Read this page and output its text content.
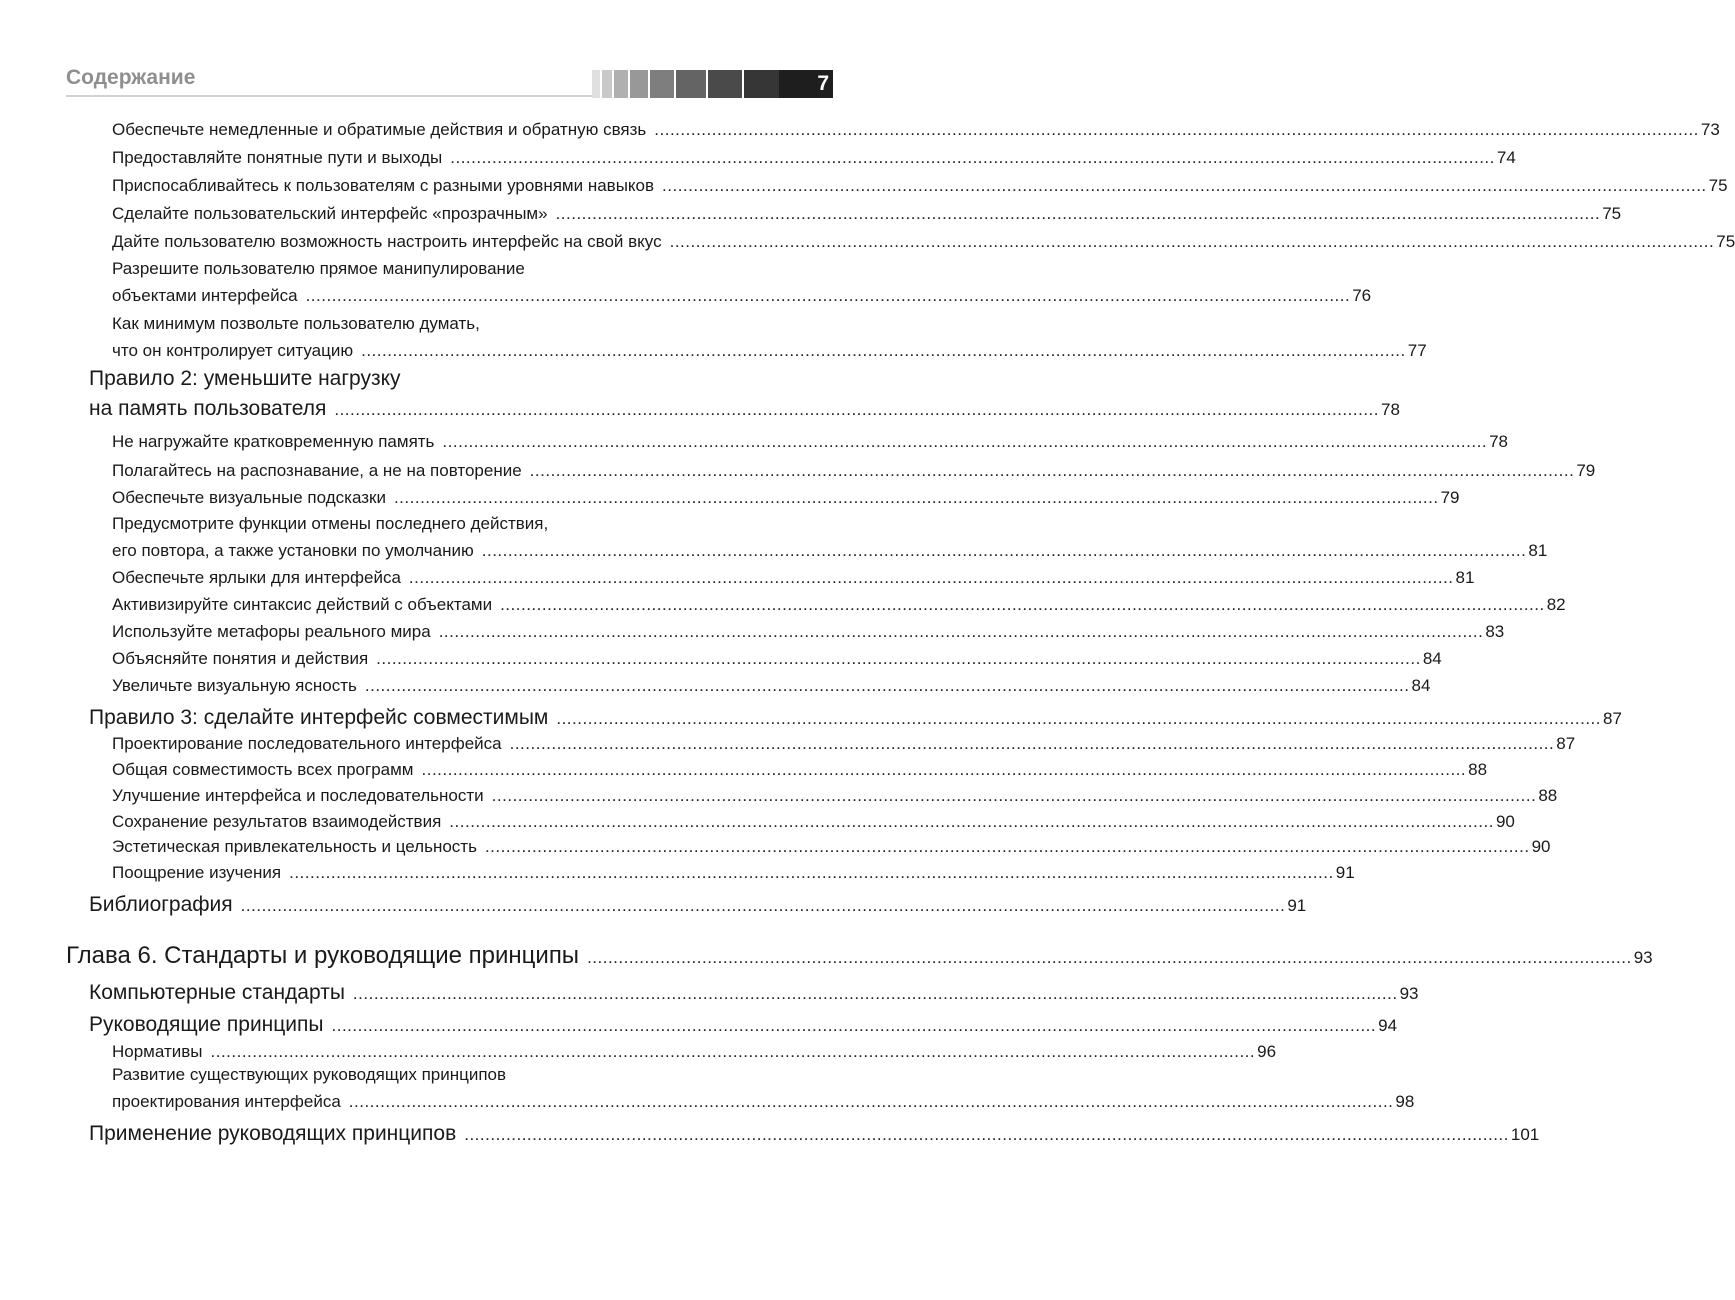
Содержание	7
Обеспечьте немедленные и обратимые действия и обратную связь ........................................................................................................................................................................................................ 73
Предоставляйте понятные пути и выходы ........................................................................................................................................................................................................ 74
Приспосабливайтесь к пользователям с разными уровнями навыков ........................................................................................................................................................................................................ 75
Сделайте пользовательский интерфейс «прозрачным» ........................................................................................................................................................................................................ 75
Дайте пользователю возможность настроить интерфейс на свой вкус ........................................................................................................................................................................................................ 75
Разрешите пользователю прямое манипулирование
объектами интерфейса ........................................................................................................................................................................................................ 76
Как минимум позвольте пользователю думать,
что он контролирует ситуацию ........................................................................................................................................................................................................ 77
Правило 2: уменьшите нагрузку
на память пользователя ........................................................................................................................................................................................................ 78
Не нагружайте кратковременную память ........................................................................................................................................................................................................ 78
Полагайтесь на распознавание, а не на повторение ........................................................................................................................................................................................................ 79
Обеспечьте визуальные подсказки ........................................................................................................................................................................................................ 79
Предусмотрите функции отмены последнего действия,
его повтора, а также установки по умолчанию ........................................................................................................................................................................................................ 81
Обеспечьте ярлыки для интерфейса ........................................................................................................................................................................................................ 81
Активизируйте синтаксис действий с объектами ........................................................................................................................................................................................................ 82
Используйте метафоры реального мира ........................................................................................................................................................................................................ 83
Объясняйте понятия и действия ........................................................................................................................................................................................................ 84
Увеличьте визуальную ясность ........................................................................................................................................................................................................ 84
Правило 3: сделайте интерфейс совместимым ........................................................................................................................................................................................................ 87
Проектирование последовательного интерфейса ........................................................................................................................................................................................................ 87
Общая совместимость всех программ ........................................................................................................................................................................................................ 88
Улучшение интерфейса и последовательности ........................................................................................................................................................................................................ 88
Сохранение результатов взаимодействия ........................................................................................................................................................................................................ 90
Эстетическая привлекательность и цельность ........................................................................................................................................................................................................ 90
Поощрение изучения ........................................................................................................................................................................................................ 91
Библиография ........................................................................................................................................................................................................ 91
Глава 6. Стандарты и руководящие принципы ........................................................................................................................................................................................................ 93
Компьютерные стандарты ........................................................................................................................................................................................................ 93
Руководящие принципы ........................................................................................................................................................................................................ 94
Нормативы ........................................................................................................................................................................................................ 96
Развитие существующих руководящих принципов
проектирования интерфейса ........................................................................................................................................................................................................ 98
Применение руководящих принципов ........................................................................................................................................................................................................ 101
